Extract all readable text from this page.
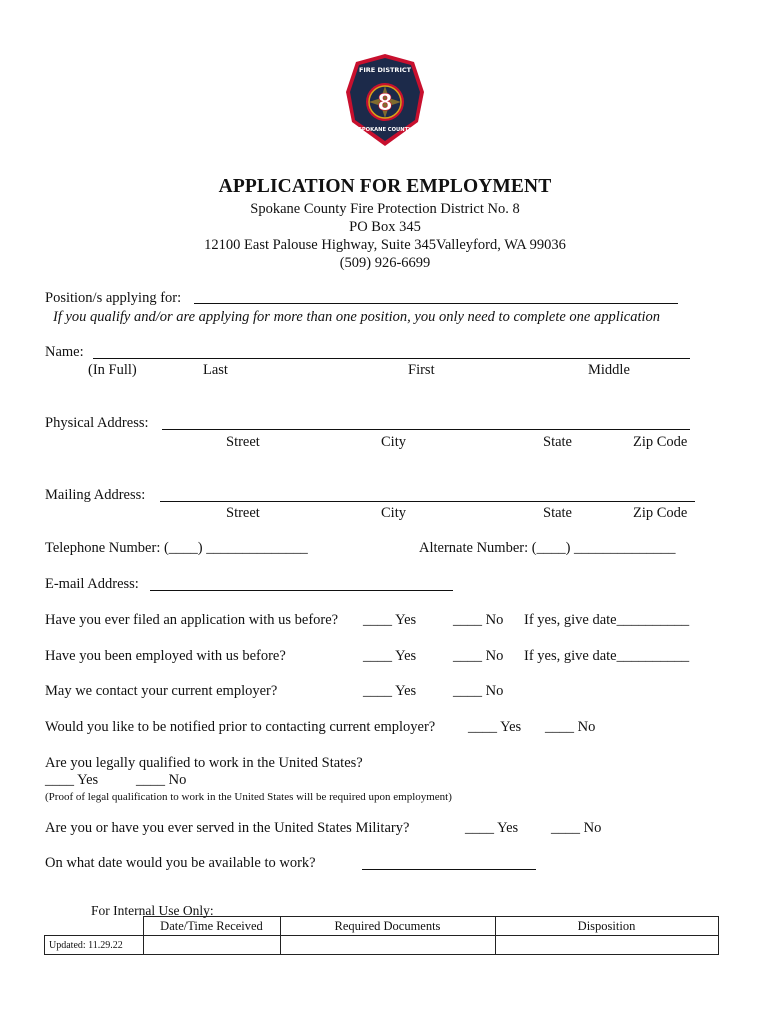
FIRE DISTRICT
8
SPOKANE COUNTY
APPLICATION FOR EMPLOYMENT
Spokane County Fire Protection District No. 8
PO Box 345
12100 East Palouse Highway, Suite 345Valleyford, WA 99036
(509) 926-6699
Position/s applying for:
If you qualify and/or are applying for more than one position, you only need to complete one application
Name:
(In Full)	Last	First	Middle
Physical Address:
Street	City	State	Zip Code
Mailing Address:
Street	City	State	Zip Code
Telephone Number: (____) ______________	Alternate Number: (____) ______________
E-mail Address:
Have you ever filed an application with us before? ____ Yes	____ No If yes, give date__________
Have you been employed with us before?	____ Yes	____ No If yes, give date__________
May we contact your current employer?	____ Yes	____ No
Would you like to be notified prior to contacting current employer? ____ Yes ____ No
Are you legally qualified to work in the United States?
____ Yes	____ No
(Proof of legal qualification to work in the United States will be required upon employment)
Are you or have you ever served in the United States Military?	____ Yes ____ No
On what date would you be available to work?
For Internal Use Only:
	Date/Time Received	Required Documents	Disposition
Updated: 11.29.22			
